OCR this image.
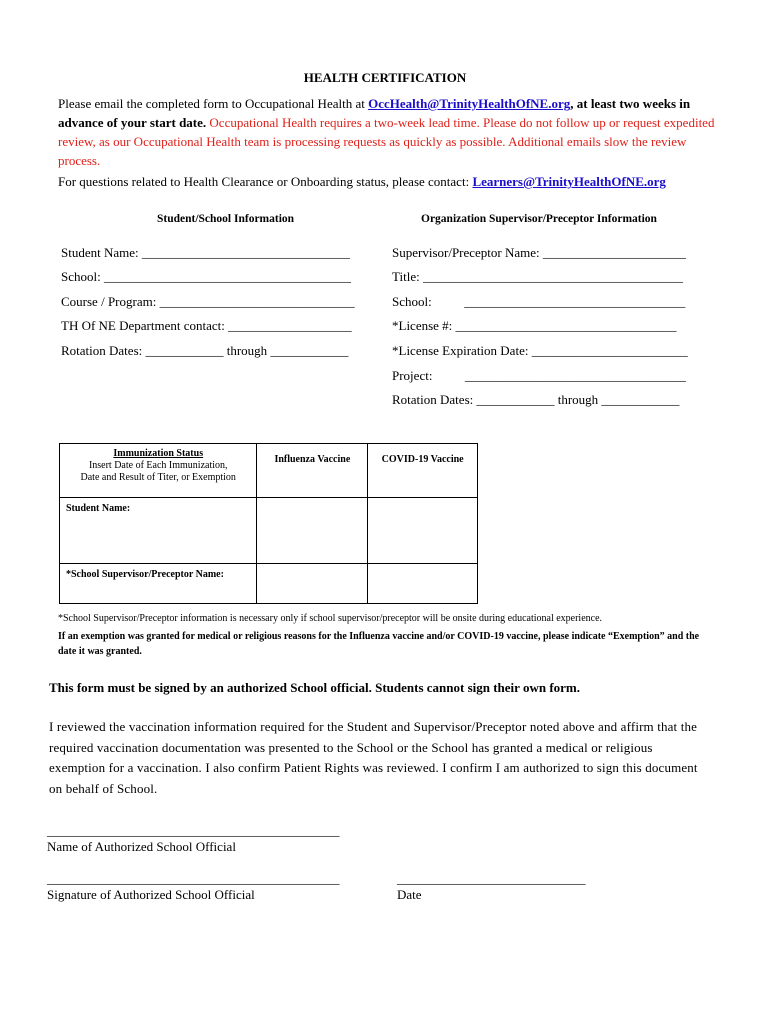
HEALTH CERTIFICATION
Please email the completed form to Occupational Health at OccHealth@TrinityHealthOfNE.org, at least two weeks in advance of your start date. Occupational Health requires a two-week lead time. Please do not follow up or request expedited review, as our Occupational Health team is processing requests as quickly as possible. Additional emails slow the review process.
For questions related to Health Clearance or Onboarding status, please contact: Learners@TrinityHealthOfNE.org
Student/School Information	Organization Supervisor/Preceptor Information
Student Name: ________________________________
School: ______________________________________
Course / Program: ______________________________
TH Of NE Department contact: ___________________
Rotation Dates: ____________ through ____________
Supervisor/Preceptor Name: ______________________
Title: ________________________________________
School:          __________________________________
*License #: __________________________________
*License Expiration Date: ________________________
Project:          __________________________________
Rotation Dates: ____________ through ____________
Immunization Status
Insert Date of Each Immunization, Date and Result of Titer, or Exemption	Influenza Vaccine	COVID-19 Vaccine
Student Name:		
*School Supervisor/Preceptor Name:		
*School Supervisor/Preceptor information is necessary only if school supervisor/preceptor will be onsite during educational experience.
If an exemption was granted for medical or religious reasons for the Influenza vaccine and/or COVID-19 vaccine, please indicate “Exemption” and the date it was granted.
This form must be signed by an authorized School official. Students cannot sign their own form.
I reviewed the vaccination information required for the Student and Supervisor/Preceptor noted above and affirm that the required vaccination documentation was presented to the School or the School has granted a medical or religious exemption for a vaccination. I also confirm Patient Rights was reviewed. I confirm I am authorized to sign this document on behalf of School.
_____________________________________________
Name of Authorized School Official
_____________________________________________
Signature of Authorized School Official
_____________________________
Date
